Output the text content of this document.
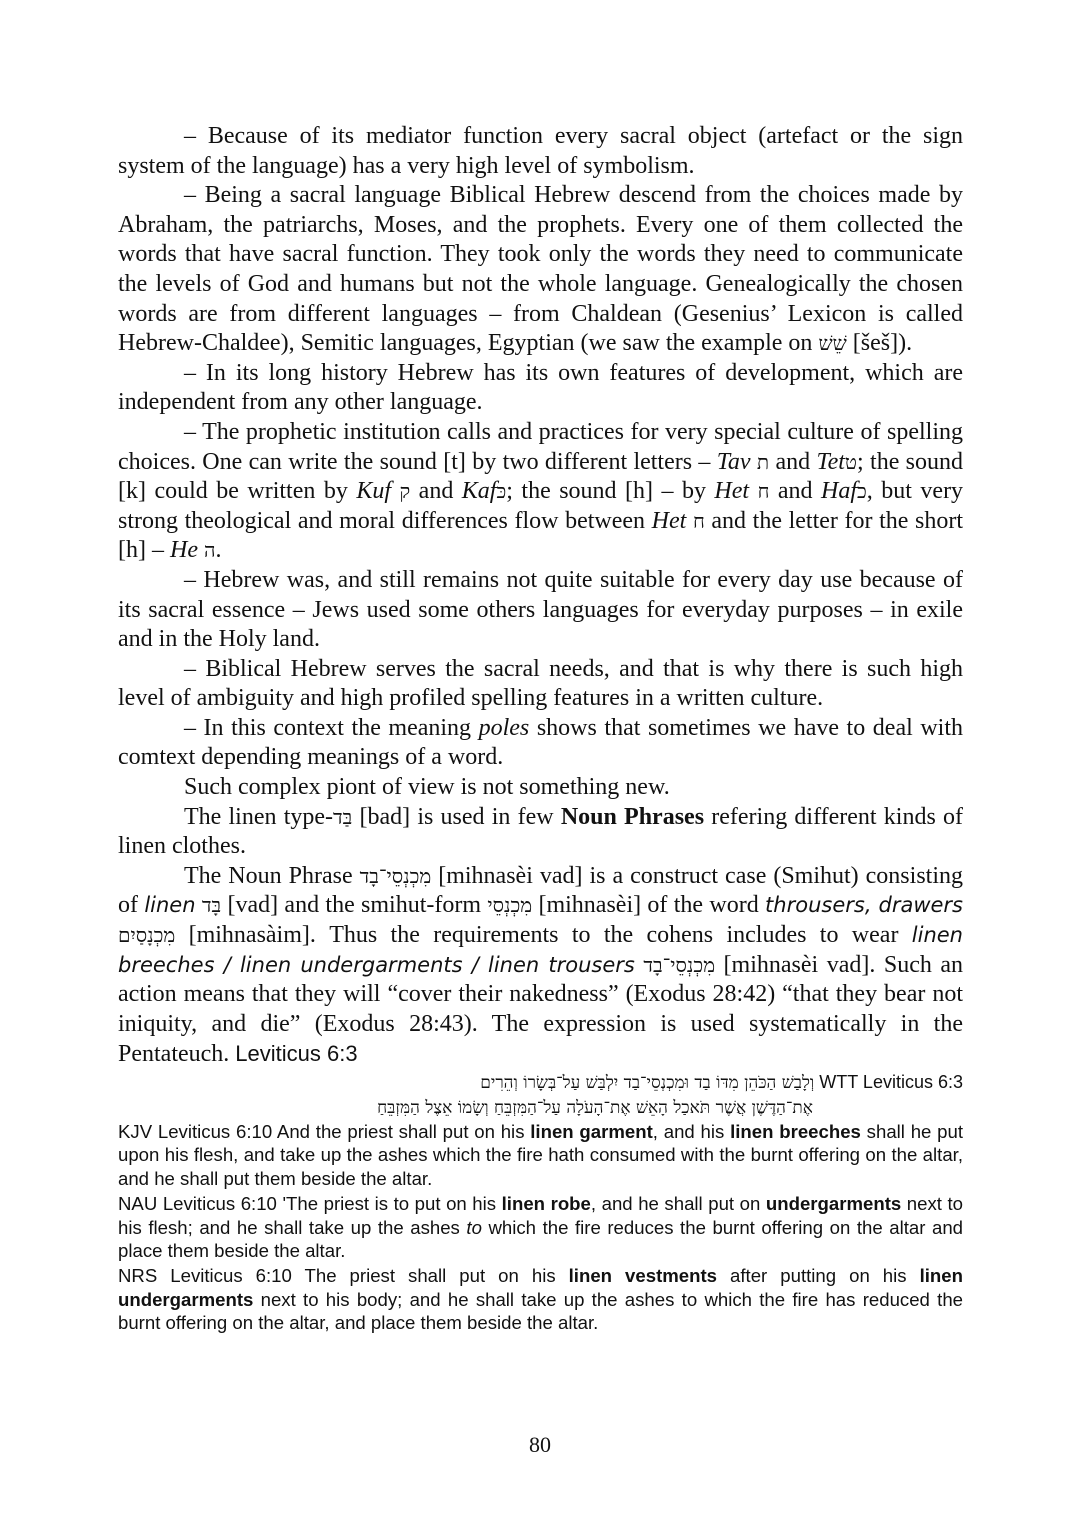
– Because of its mediator function every sacral object (artefact or the sign system of the language) has a very high level of symbolism.

– Being a sacral language Biblical Hebrew descend from the choices made by Abraham, the patriarchs, Moses, and the prophets. Every one of them collected the words that have sacral function. They took only the words they need to communicate the levels of God and humans but not the whole language. Genealogically the chosen words are from different languages – from Chaldean (Gesenius’ Lexicon is called Hebrew-Chaldee), Semitic languages, Egyptian (we saw the example on שֵׁשׁ [šeš]).

– In its long history Hebrew has its own features of development, which are independent from any other language.

– The prophetic institution calls and practices for very special culture of spelling choices. One can write the sound [t] by two different letters – Tav ת and Tetט; the sound [k] could be written by Kuf ק and Kafכּ; the sound [h] – by Het ח and Hafכ, but very strong theological and moral differences flow between Het ח and the letter for the short [h] – He ה.

– Hebrew was, and still remains not quite suitable for every day use because of its sacral essence – Jews used some others languages for everyday purposes – in exile and in the Holy land.

– Biblical Hebrew serves the sacral needs, and that is why there is such high level of ambiguity and high profiled spelling features in a written culture.

– In this context the meaning poles shows that sometimes we have to deal with comtext depending meanings of a word.

Such complex piont of view is not something new.

The linen type-בַּד [bad] is used in few Noun Phrases refering different kinds of linen clothes.

The Noun Phrase מִכְנְסֵי־בָד [mihnasèi vad] is a construct case (Smihut) consisting of linen בָּד [vad] and the smihut-form מִכְנְסֵי [mihnasèi] of the word throusers, drawers מִכְנָסַיִם [mihnasàim]. Thus the requirements to the cohens includes to wear linen breeches / linen undergarments / linen trousers מִכְנְסֵי־בָד [mihnasèi vad]. Such an action means that they will “cover their nakedness” (Exodus 28:42) “that they bear not iniquity, and die” (Exodus 28:43). The expression is used systematically in the Pentateuch. Leviticus 6:3

וְלָבַשׁ הַכֹּהֵן מִדּוֹ בַד וּמִכְנְסֵי־בַד יִלְבַּשׁ עַל־בְּשָׂרוֹ וְהֵרִים WTT Leviticus 6:3
אֶת־הַדֶּשֶׁן אֲשֶׁר תֹּאכַל הָאֵשׁ אֶת־הָעֹלָה עַל־הַמִּזְבֵּחַ וְשָׂמוֹ אֵצֶל הַמִּזְבֵּחַ

KJV Leviticus 6:10 And the priest shall put on his linen garment, and his linen breeches shall he put upon his flesh, and take up the ashes which the fire hath consumed with the burnt offering on the altar, and he shall put them beside the altar.

NAU Leviticus 6:10 'The priest is to put on his linen robe, and he shall put on undergarments next to his flesh; and he shall take up the ashes to which the fire reduces the burnt offering on the altar and place them beside the altar.

NRS Leviticus 6:10 The priest shall put on his linen vestments after putting on his linen undergarments next to his body; and he shall take up the ashes to which the fire has reduced the burnt offering on the altar, and place them beside the altar.

80
